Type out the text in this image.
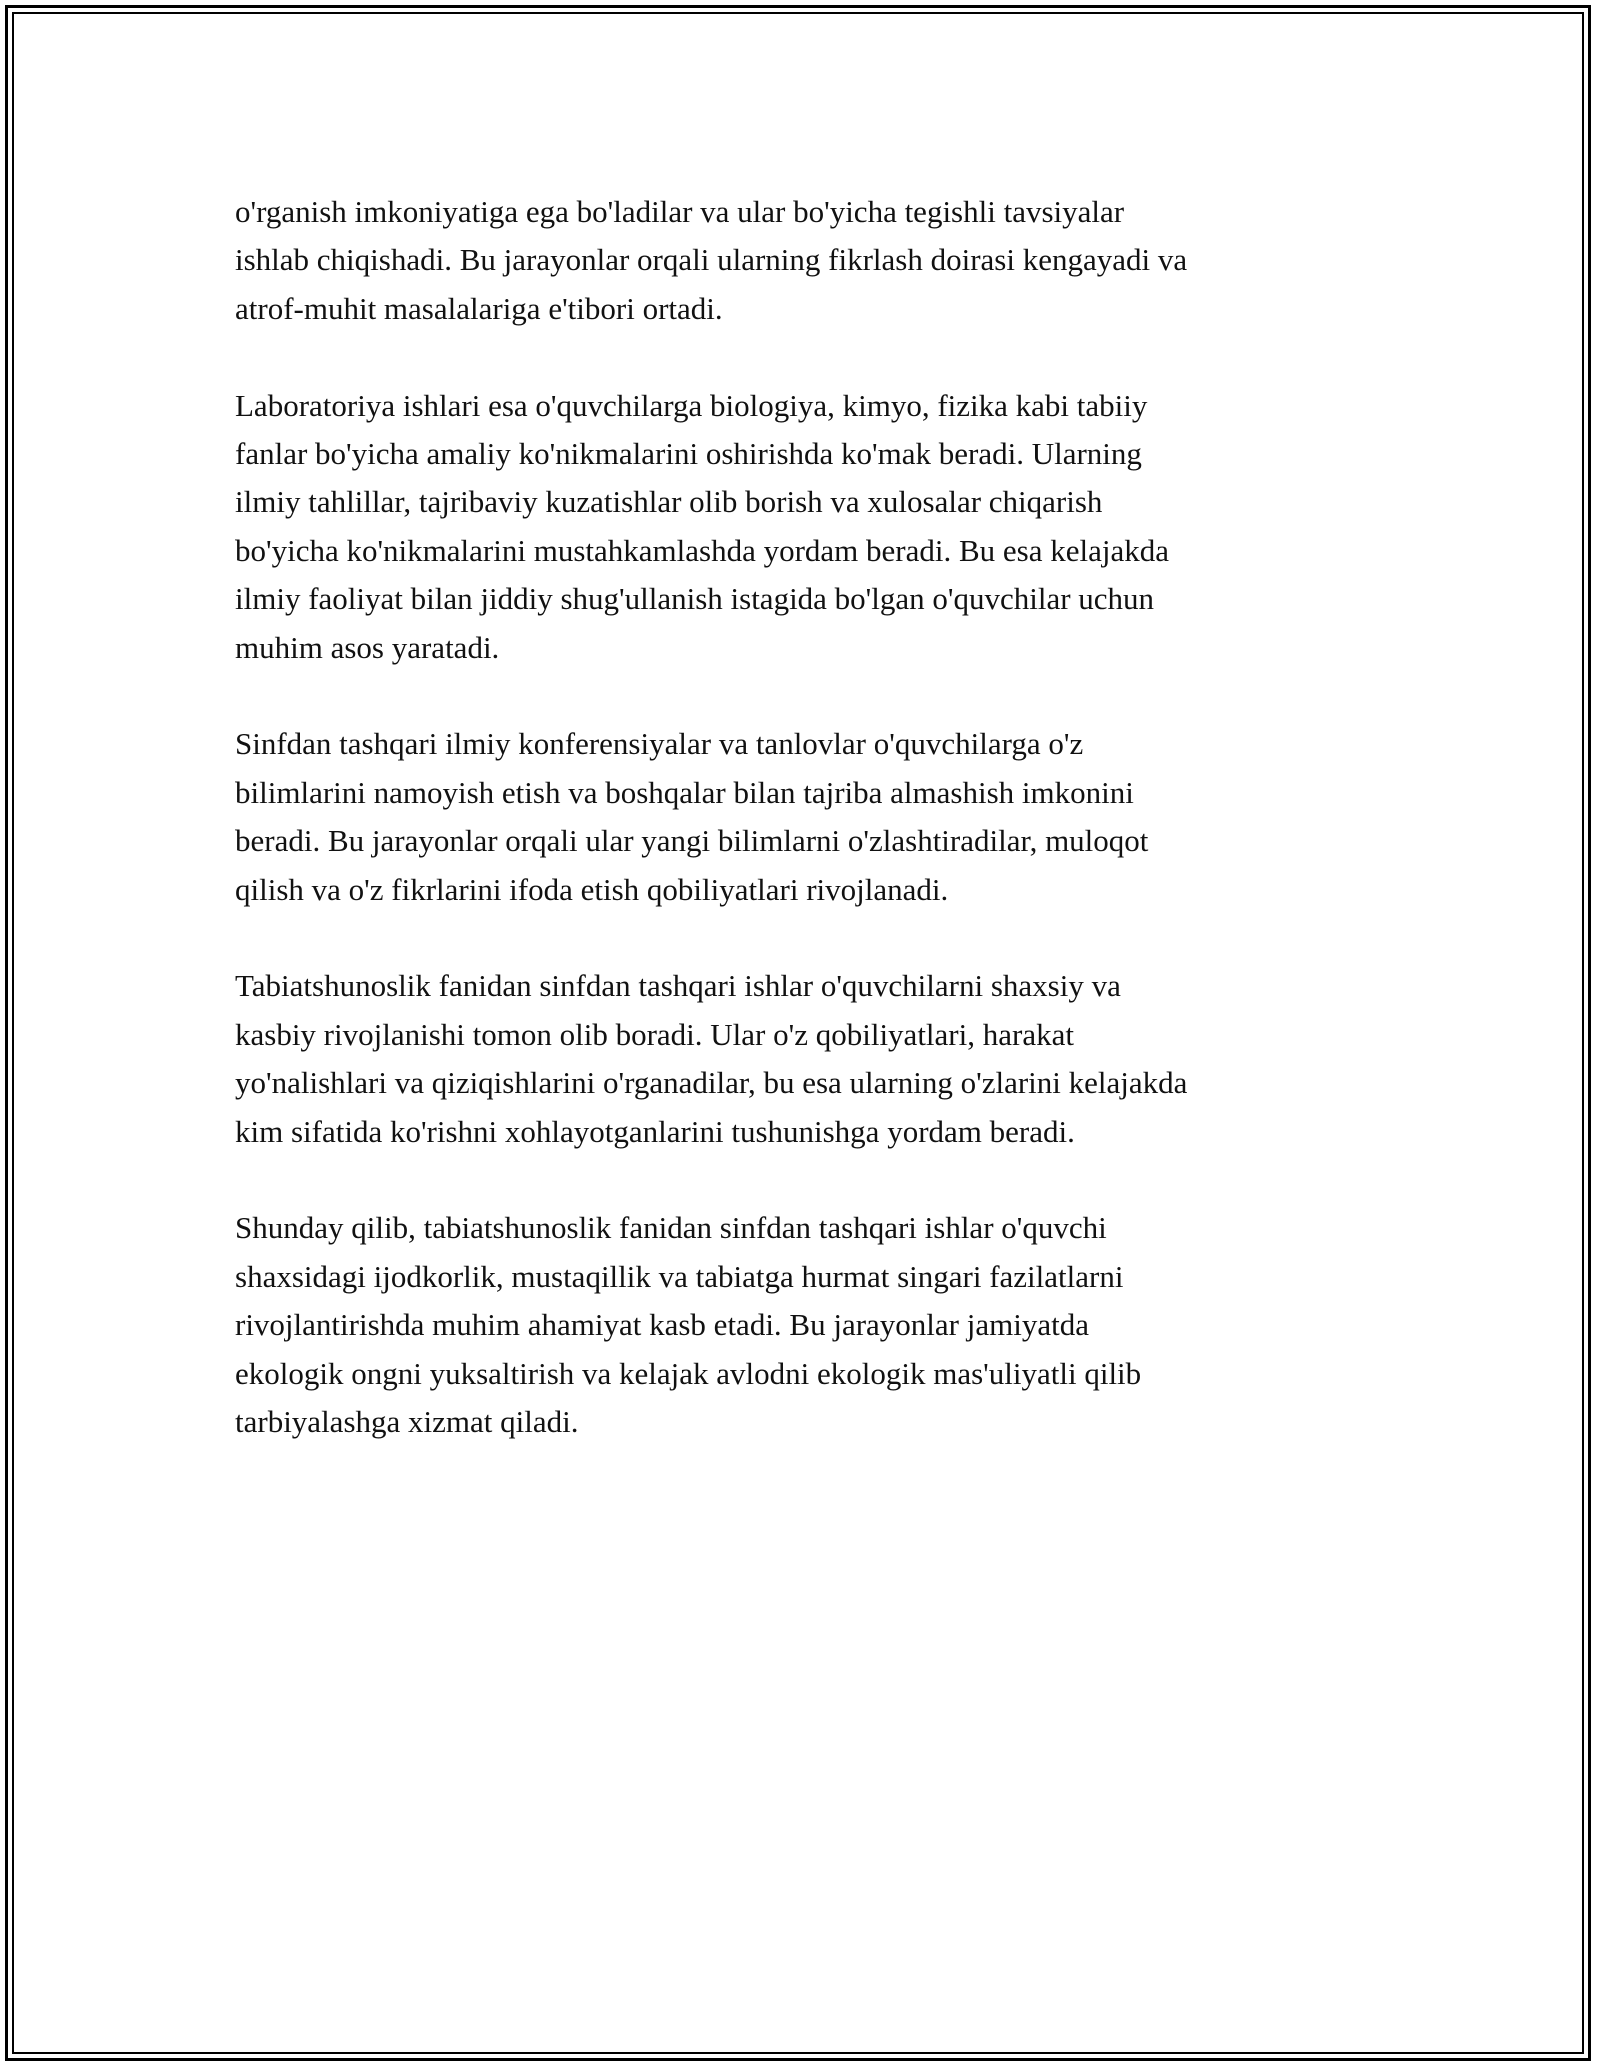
o'rganish imkoniyatiga ega bo'ladilar va ular bo'yicha tegishli tavsiyalar
ishlab chiqishadi. Bu jarayonlar orqali ularning fikrlash doirasi kengayadi va
atrof-muhit masalalariga e'tibori ortadi.

Laboratoriya ishlari esa o'quvchilarga biologiya, kimyo, fizika kabi tabiiy
fanlar bo'yicha amaliy ko'nikmalarini oshirishda ko'mak beradi. Ularning
ilmiy tahlillar, tajribaviy kuzatishlar olib borish va xulosalar chiqarish
bo'yicha ko'nikmalarini mustahkamlashda yordam beradi. Bu esa kelajakda
ilmiy faoliyat bilan jiddiy shug'ullanish istagida bo'lgan o'quvchilar uchun
muhim asos yaratadi.

Sinfdan tashqari ilmiy konferensiyalar va tanlovlar o'quvchilarga o'z
bilimlarini namoyish etish va boshqalar bilan tajriba almashish imkonini
beradi. Bu jarayonlar orqali ular yangi bilimlarni o'zlashtiradilar, muloqot
qilish va o'z fikrlarini ifoda etish qobiliyatlari rivojlanadi.

Tabiatshunoslik fanidan sinfdan tashqari ishlar o'quvchilarni shaxsiy va
kasbiy rivojlanishi tomon olib boradi. Ular o'z qobiliyatlari, harakat
yo'nalishlari va qiziqishlarini o'rganadilar, bu esa ularning o'zlarini kelajakda
kim sifatida ko'rishni xohlayotganlarini tushunishga yordam beradi.

Shunday qilib, tabiatshunoslik fanidan sinfdan tashqari ishlar o'quvchi
shaxsidagi ijodkorlik, mustaqillik va tabiatga hurmat singari fazilatlarni
rivojlantirishda muhim ahamiyat kasb etadi. Bu jarayonlar jamiyatda
ekologik ongni yuksaltirish va kelajak avlodni ekologik mas'uliyatli qilib
tarbiyalashga xizmat qiladi.
